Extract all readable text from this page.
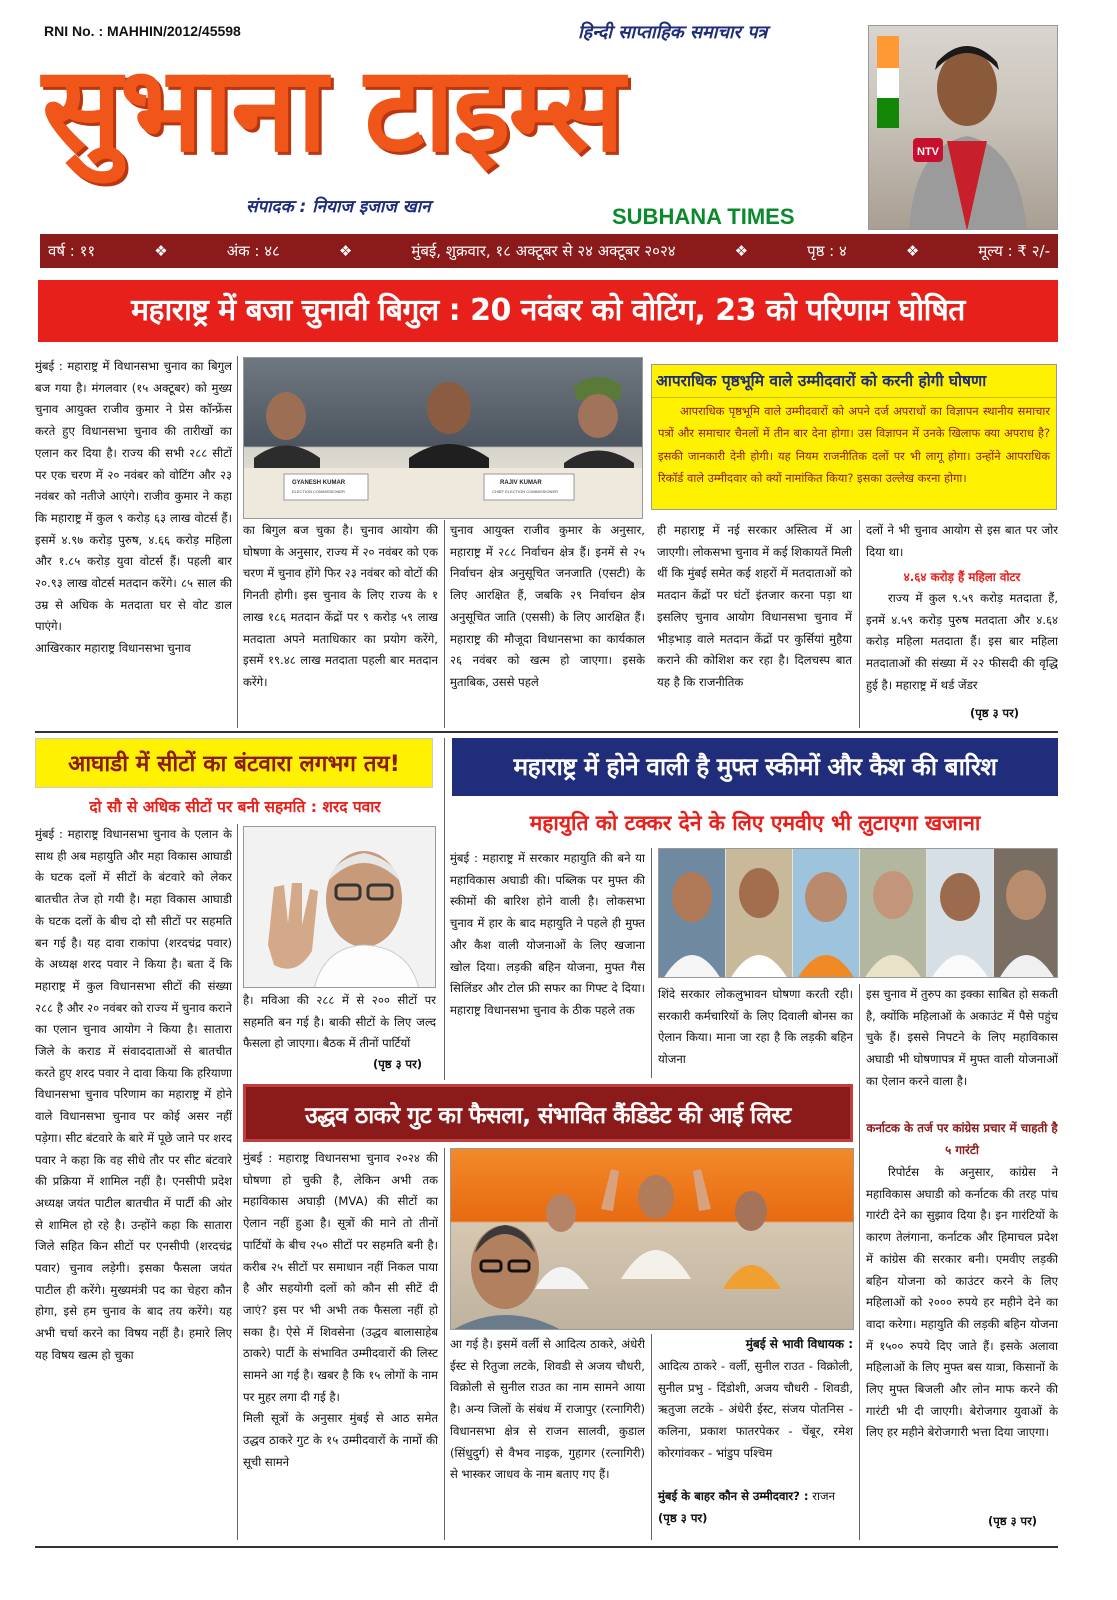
RNI No. : MAHHIN/2012/45598	हिन्दी साप्ताहिक समाचार पत्र
सुभाना टाइम्स
संपादक : नियाज इजाज खान	SUBHANA TIMES
NTV
वर्ष : ११	❖	अंक : ४८	❖	मुंबई, शुक्रवार, १८ अक्टूबर से २४ अक्टूबर २०२४	❖	पृष्ठ : ४	❖	मूल्य : ₹ २/-
महाराष्ट्र में बजा चुनावी बिगुल : 20 नवंबर को वोटिंग, 23 को परिणाम घोषित
मुंबई : महाराष्ट्र में विधानसभा चुनाव का बिगुल बज गया है। मंगलवार (१५ अक्टूबर) को मुख्य चुनाव आयुक्त राजीव कुमार ने प्रेस कॉन्फ्रेंस करते हुए विधानसभा चुनाव की तारीखों का एलान कर दिया है। राज्य की सभी २८८ सीटों पर एक चरण में २० नवंबर को वोटिंग और २३ नवंबर को नतीजे आएंगे। राजीव कुमार ने कहा कि महाराष्ट्र में कुल ९ करोड़ ६३ लाख वोटर्स हैं। इसमें ४.९७ करोड़ पुरुष, ४.६६ करोड़ महिला और १.८५ करोड़ युवा वोटर्स हैं। पहली बार २०.९३ लाख वोटर्स मतदान करेंगे। ८५ साल की उम्र से अधिक के मतदाता घर से वोट डाल पाएंगे।
आखिरकार महाराष्ट्र विधानसभा चुनाव
GYANESH KUMAR
ELECTION COMMISSIONER
RAJIV KUMAR
CHIEF ELECTION COMMISSIONER
का बिगुल बज चुका है। चुनाव आयोग की घोषणा के अनुसार, राज्य में २० नवंबर को एक चरण में चुनाव होंगे फिर २३ नवंबर को वोटों की गिनती होगी। इस चुनाव के लिए राज्य के १ लाख १८६ मतदान केंद्रों पर ९ करोड़ ५९ लाख मतदाता अपने मताधिकार का प्रयोग करेंगे, इसमें १९.४८ लाख मतदाता पहली बार मतदान करेंगे।
चुनाव आयुक्त राजीव कुमार के अनुसार, महाराष्ट्र में २८८ निर्वाचन क्षेत्र हैं। इनमें से २५ निर्वाचन क्षेत्र अनुसूचित जनजाति (एसटी) के लिए आरक्षित हैं, जबकि २९ निर्वाचन क्षेत्र अनुसूचित जाति (एससी) के लिए आरक्षित हैं। महाराष्ट्र की मौजूदा विधानसभा का कार्यकाल २६ नवंबर को खत्म हो जाएगा। इसके मुताबिक, उससे पहले
आपराधिक पृष्ठभूमि वाले उम्मीदवारों को करनी होगी घोषणा
आपराधिक पृष्ठभूमि वाले उम्मीदवारों को अपने दर्ज अपराधों का विज्ञापन स्थानीय समाचार पत्रों और समाचार चैनलों में तीन बार देना होगा। उस विज्ञापन में उनके खिलाफ क्या अपराध है? इसकी जानकारी देनी होगी। यह नियम राजनीतिक दलों पर भी लागू होगा। उन्होंने आपराधिक रिकॉर्ड वाले उम्मीदवार को क्यों नामांकित किया? इसका उल्लेख करना होगा।
ही महाराष्ट्र में नई सरकार अस्तित्व में आ जाएगी। लोकसभा चुनाव में कई शिकायतें मिली थीं कि मुंबई समेत कई शहरों में मतदाताओं को मतदान केंद्रों पर घंटों इंतजार करना पड़ा था इसलिए चुनाव आयोग विधानसभा चुनाव में भीड़भाड़ वाले मतदान केंद्रों पर कुर्सियां मुहैया कराने की कोशिश कर रहा है। दिलचस्प बात यह है कि राजनीतिक
दलों ने भी चुनाव आयोग से इस बात पर जोर दिया था।
४.६४ करोड़ हैं महिला वोटर
राज्य में कुल ९.५९ करोड़ मतदाता हैं, इनमें ४.५९ करोड़ पुरुष मतदाता और ४.६४ करोड़ महिला मतदाता हैं। इस बार महिला मतदाताओं की संख्या में २२ फीसदी की वृद्धि हुई है। महाराष्ट्र में थर्ड जेंडर
(पृष्ठ ३ पर)
आघाडी में सीटों का बंटवारा लगभग तय!
दो सौ से अधिक सीटों पर बनी सहमति : शरद पवार
मुंबई : महाराष्ट्र विधानसभा चुनाव के एलान के साथ ही अब महायुति और महा विकास आघाडी के घटक दलों में सीटों के बंटवारे को लेकर बातचीत तेज हो गयी है। महा विकास आघाडी के घटक दलों के बीच दो सौ सीटों पर सहमति बन गई है। यह दावा राकांपा (शरदचंद्र पवार) के अध्यक्ष शरद पवार ने किया है। बता दें कि महाराष्ट्र में कुल विधानसभा सीटों की संख्या २८८ है और २० नवंबर को राज्य में चुनाव कराने का एलान चुनाव आयोग ने किया है। सातारा जिले के कराड में संवाददाताओं से बातचीत करते हुए शरद पवार ने दावा किया कि हरियाणा विधानसभा चुनाव परिणाम का महाराष्ट्र में होने वाले विधानसभा चुनाव पर कोई असर नहीं पड़ेगा। सीट बंटवारे के बारे में पूछे जाने पर शरद पवार ने कहा कि वह सीधे तौर पर सीट बंटवारे की प्रक्रिया में शामिल नहीं है। एनसीपी प्रदेश अध्यक्ष जयंत पाटील बातचीत में पार्टी की ओर से शामिल हो रहे है। उन्होंने कहा कि सातारा जिले सहित किन सीटों पर एनसीपी (शरदचंद्र पवार) चुनाव लड़ेगी। इसका फैसला जयंत पाटील ही करेंगे। मुख्यमंत्री पद का चेहरा कौन होगा, इसे हम चुनाव के बाद तय करेंगे। यह अभी चर्चा करने का विषय नहीं है। हमारे लिए यह विषय खत्म हो चुका
है। मविआ की २८८ में से २०० सीटों पर सहमति बन गई है। बाकी सीटों के लिए जल्द फैसला हो जाएगा। बैठक में तीनों पार्टियों
(पृष्ठ ३ पर)
महाराष्ट्र में होने वाली है मुफ्त स्कीमों और कैश की बारिश
महायुति को टक्कर देने के लिए एमवीए भी लुटाएगा खजाना
मुंबई : महाराष्ट्र में सरकार महायुति की बने या महाविकास अघाडी की। पब्लिक पर मुफ्त की स्कीमों की बारिश होने वाली है। लोकसभा चुनाव में हार के बाद महायुति ने पहले ही मुफ्त और कैश वाली योजनाओं के लिए खजाना खोल दिया। लड़की बहिन योजना, मुफ्त गैस सिलिंडर और टोल फ्री सफर का गिफ्ट दे दिया। महाराष्ट्र विधानसभा चुनाव के ठीक पहले तक
शिंदे सरकार लोकलुभावन घोषणा करती रही। सरकारी कर्मचारियों के लिए दिवाली बोनस का ऐलान किया। माना जा रहा है कि लड़की बहिन योजना
इस चुनाव में तुरुप का इक्का साबित हो सकती है, क्योंकि महिलाओं के अकाउंट में पैसे पहुंच चुके हैं। इससे निपटने के लिए महाविकास अघाडी भी घोषणापत्र में मुफ्त वाली योजनाओं का ऐलान करने वाला है।
कर्नाटक के तर्ज पर कांग्रेस प्रचार में चाहती है ५ गारंटी
रिपोर्टस के अनुसार, कांग्रेस ने महाविकास अघाडी को कर्नाटक की तरह पांच गारंटी देने का सुझाव दिया है। इन गारंटियों के कारण तेलंगाना, कर्नाटक और हिमाचल प्रदेश में कांग्रेस की सरकार बनी। एमवीए लड़की बहिन योजना को काउंटर करने के लिए महिलाओं को २००० रुपये हर महीने देने का वादा करेगा। महायुति की लड़की बहिन योजना में १५०० रुपये दिए जाते हैं। इसके अलावा महिलाओं के लिए मुफ्त बस यात्रा, किसानों के लिए मुफ्त बिजली और लोन माफ करने की गारंटी भी दी जाएगी। बेरोजगार युवाओं के लिए हर महीने बेरोजगारी भत्ता दिया जाएगा।
(पृष्ठ ३ पर)
उद्धव ठाकरे गुट का फैसला, संभावित कैंडिडेट की आई लिस्ट
मुंबई : महाराष्ट्र विधानसभा चुनाव २०२४ की घोषणा हो चुकी है, लेकिन अभी तक महाविकास अघाड़ी (MVA) की सीटों का ऐलान नहीं हुआ है। सूत्रों की माने तो तीनों पार्टियों के बीच २५० सीटों पर सहमति बनी है। करीब २५ सीटों पर समाधान नहीं निकल पाया है और सहयोगी दलों को कौन सी सीटें दी जाएं? इस पर भी अभी तक फैसला नहीं हो सका है। ऐसे में शिवसेना (उद्धव बालासाहेब ठाकरे) पार्टी के संभावित उम्मीदवारों की लिस्ट सामने आ गई है। खबर है कि १५ लोगों के नाम पर मुहर लगा दी गई है।
मिली सूत्रों के अनुसार मुंबई से आठ समेत उद्धव ठाकरे गुट के १५ उम्मीदवारों के नामों की सूची सामने
आ गई है। इसमें वर्ली से आदित्य ठाकरे, अंधेरी ईस्ट से रितुजा लटके, शिवडी से अजय चौधरी, विक्रोली से सुनील राउत का नाम सामने आया है। अन्य जिलों के संबंध में राजापुर (रत्नागिरी) विधानसभा क्षेत्र से राजन सालवी, कुडाल (सिंधुदुर्ग) से वैभव नाइक, गुहागर (रत्नागिरी) से भास्कर जाधव के नाम बताए गए हैं।
मुंबई से भावी विधायक :
आदित्य ठाकरे - वर्ली, सुनील राउत - विक्रोली, सुनील प्रभु - दिंडोशी, अजय चौधरी - शिवडी, ऋतुजा लटके - अंधेरी ईस्ट, संजय पोतनिस - कलिना, प्रकाश फातरपेकर - चेंबूर, रमेश कोरगांवकर - भांडुप पश्चिम
मुंबई के बाहर कौन से उम्मीदवार? : राजन (पृष्ठ ३ पर)
